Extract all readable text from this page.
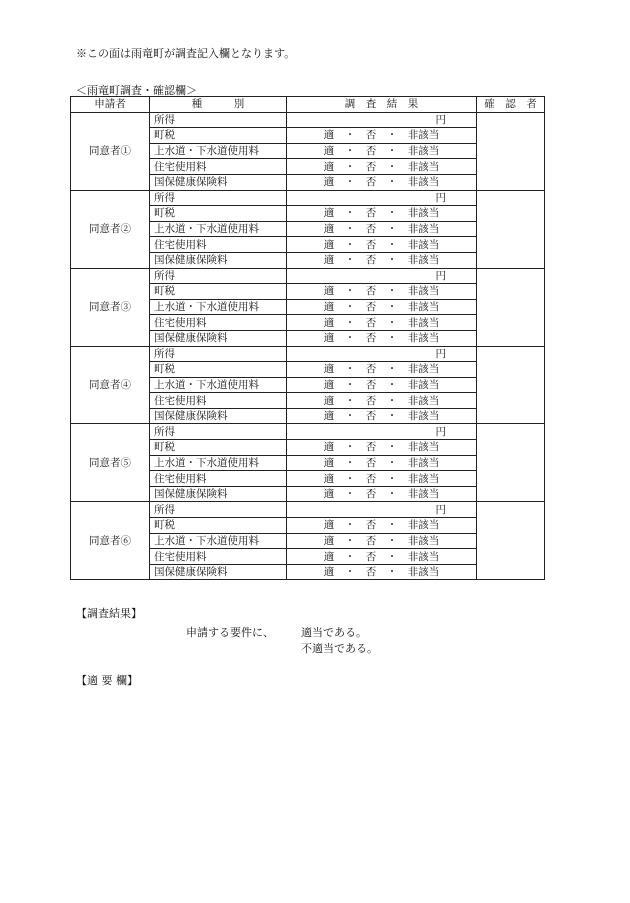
※この面は雨竜町が調査記入欄となります。
＜雨竜町調査・確認欄＞
申請者	種　　　別	調　査　結　果	確　認　者
同意者①	所得	円	
	町税	適　・　否　・　非該当	
	上水道・下水道使用料	適　・　否　・　非該当	
	住宅使用料	適　・　否　・　非該当	
	国保健康保険料	適　・　否　・　非該当	
同意者②	所得	円	
	町税	適　・　否　・　非該当	
	上水道・下水道使用料	適　・　否　・　非該当	
	住宅使用料	適　・　否　・　非該当	
	国保健康保険料	適　・　否　・　非該当	
同意者③	所得	円	
	町税	適　・　否　・　非該当	
	上水道・下水道使用料	適　・　否　・　非該当	
	住宅使用料	適　・　否　・　非該当	
	国保健康保険料	適　・　否　・　非該当	
同意者④	所得	円	
	町税	適　・　否　・　非該当	
	上水道・下水道使用料	適　・　否　・　非該当	
	住宅使用料	適　・　否　・　非該当	
	国保健康保険料	適　・　否　・　非該当	
同意者⑤	所得	円	
	町税	適　・　否　・　非該当	
	上水道・下水道使用料	適　・　否　・　非該当	
	住宅使用料	適　・　否　・　非該当	
	国保健康保険料	適　・　否　・　非該当	
同意者⑥	所得	円	
	町税	適　・　否　・　非該当	
	上水道・下水道使用料	適　・　否　・　非該当	
	住宅使用料	適　・　否　・　非該当	
	国保健康保険料	適　・　否　・　非該当	
【調査結果】
申請する要件に、 適当である。
不適当である。
【適 要 欄】
